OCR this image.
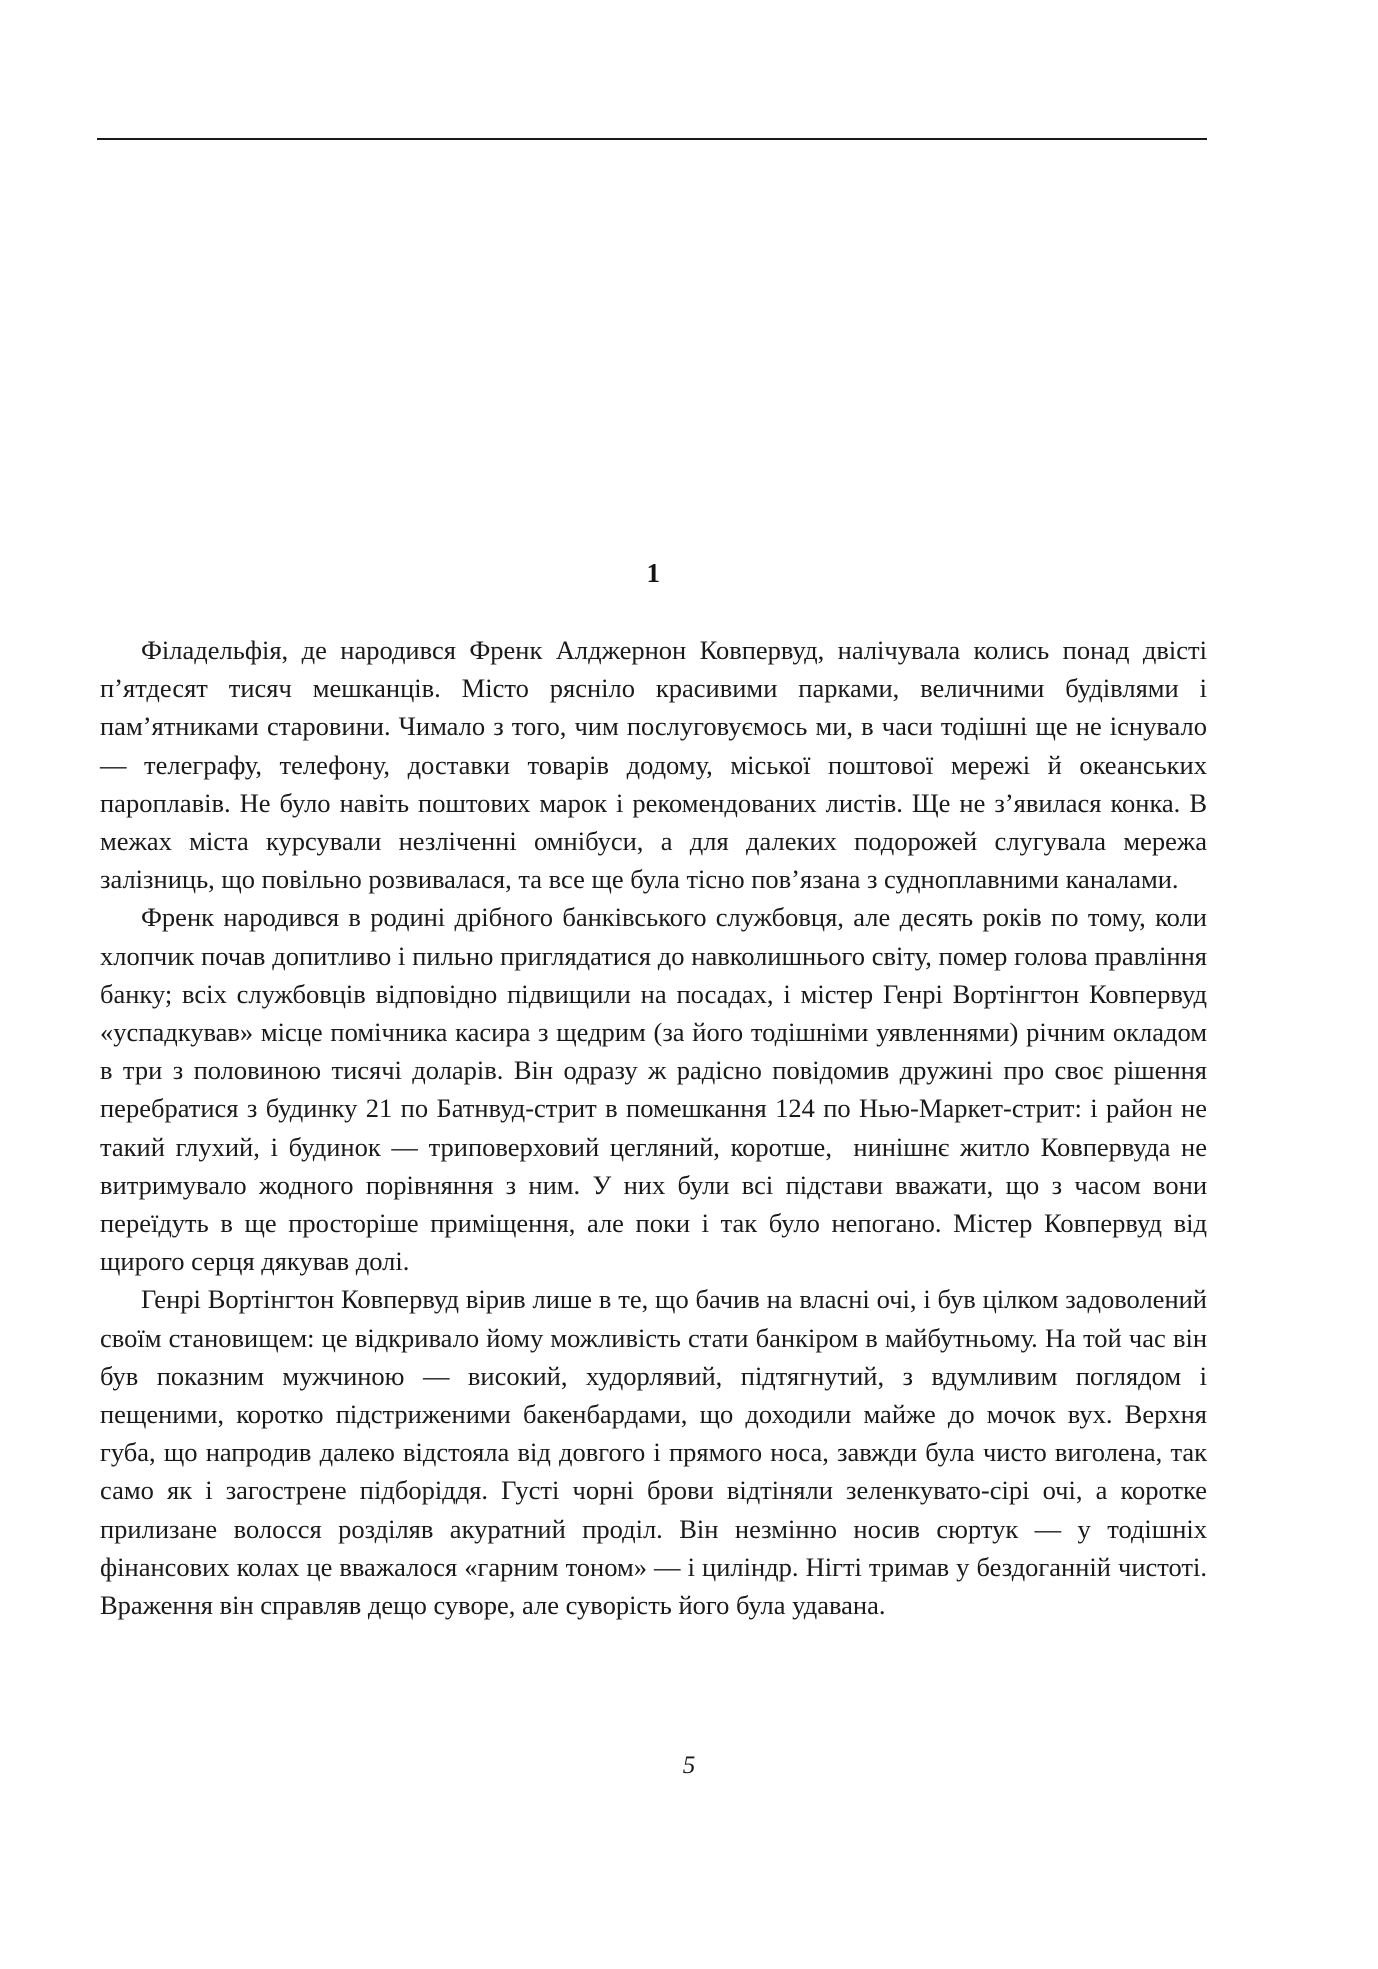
1

Філадельфія, де народився Френк Алджернон Ковпервуд, налічувала колись понад двісті п’ятдесят тисяч мешканців. Місто рясніло красивими парками, величними будівлями і пам’ятниками старовини. Чимало з того, чим послуговуємось ми, в часи тодішні ще не існувало — телеграфу, телефону, доставки товарів додому, міської поштової мережі й океанських пароплавів. Не було навіть поштових марок і рекомендованих листів. Ще не з’явилася конка. В межах міста курсували незліченні омнібуси, а для далеких подорожей слугувала мережа залізниць, що повільно розвивалася, та все ще була тісно пов’язана з судноплавними каналами.

Френк народився в родині дрібного банківського службовця, але десять років по тому, коли хлопчик почав допитливо і пильно приглядатися до навколишнього світу, помер голова правління банку; всіх службовців відповідно підвищили на посадах, і містер Генрі Вортінгтон Ковпервуд «успадкував» місце помічника касира з щедрим (за його тодішніми уявленнями) річним окладом в три з половиною тисячі доларів. Він одразу ж радісно повідомив дружині про своє рішення перебратися з будинку 21 по Батнвуд-стрит в помешкання 124 по Нью-Маркет-стрит: і район не такий глухий, і будинок — триповерховий цегляний, коротше,  нинішнє житло Ковпервуда не витримувало жодного порівняння з ним. У них були всі підстави вважати, що з часом вони переїдуть в ще просторіше приміщення, але поки і так було непогано. Містер Ковпервуд від щирого серця дякував долі.

Генрі Вортінгтон Ковпервуд вірив лише в те, що бачив на власні очі, і був цілком задоволений своїм становищем: це відкривало йому можливість стати банкіром в майбутньому. На той час він був показним мужчиною — високий, худорлявий, підтягнутий, з вдумливим поглядом і пещеними, коротко підстриженими бакенбардами, що доходили майже до мочок вух. Верхня губа, що напродив далеко відстояла від довгого і прямого носа, завжди була чисто виголена, так само як і загострене підборіддя. Густі чорні брови відтіняли зеленкувато-сірі очі, а коротке прилизане волосся розділяв акуратний проділ. Він незмінно носив сюртук — у тодішніх фінансових колах це вважалося «гарним тоном» — і циліндр. Нігті тримав у бездоганній чистоті. Враження він справляв дещо суворе, але суворість його була удавана.

5
